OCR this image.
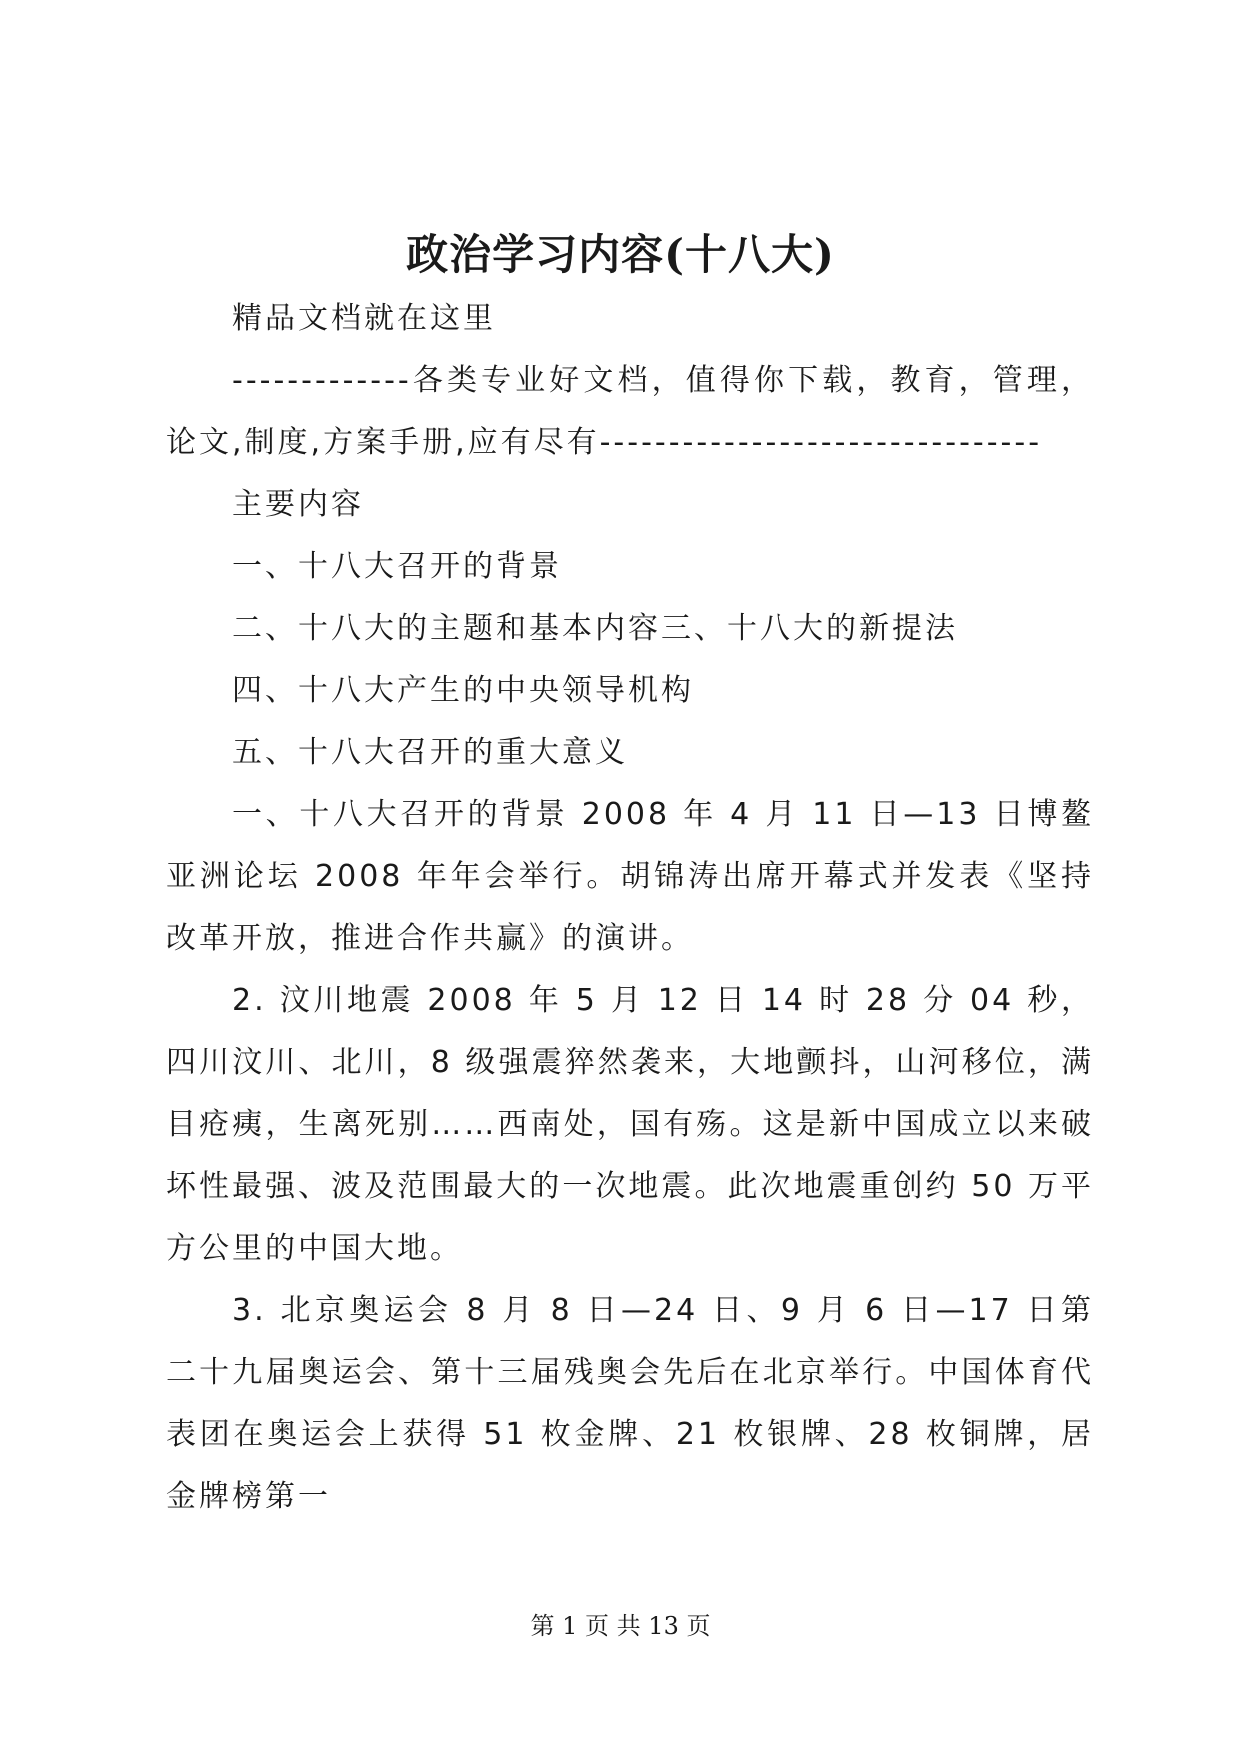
政治学习内容(十八大)

精品文档就在这里

-------------各类专业好文档，值得你下载，教育，管理，论文,制度,方案手册,应有尽有--------------------------------

主要内容

一、十八大召开的背景

二、十八大的主题和基本内容三、十八大的新提法

四、十八大产生的中央领导机构

五、十八大召开的重大意义

一、十八大召开的背景 2008 年 4 月 11 日—13 日博鳌亚洲论坛 2008 年年会举行。胡锦涛出席开幕式并发表《坚持改革开放，推进合作共赢》的演讲。

2. 汶川地震 2008 年 5 月 12 日 14 时 28 分 04 秒，四川汶川、北川，8 级强震猝然袭来，大地颤抖，山河移位，满目疮痍，生离死别……西南处，国有殇。这是新中国成立以来破坏性最强、波及范围最大的一次地震。此次地震重创约 50 万平方公里的中国大地。

3. 北京奥运会 8 月 8 日—24 日、9 月 6 日—17 日第二十九届奥运会、第十三届残奥会先后在北京举行。中国体育代表团在奥运会上获得 51 枚金牌、21 枚银牌、28 枚铜牌，居金牌榜第一

第 1 页 共 13 页
